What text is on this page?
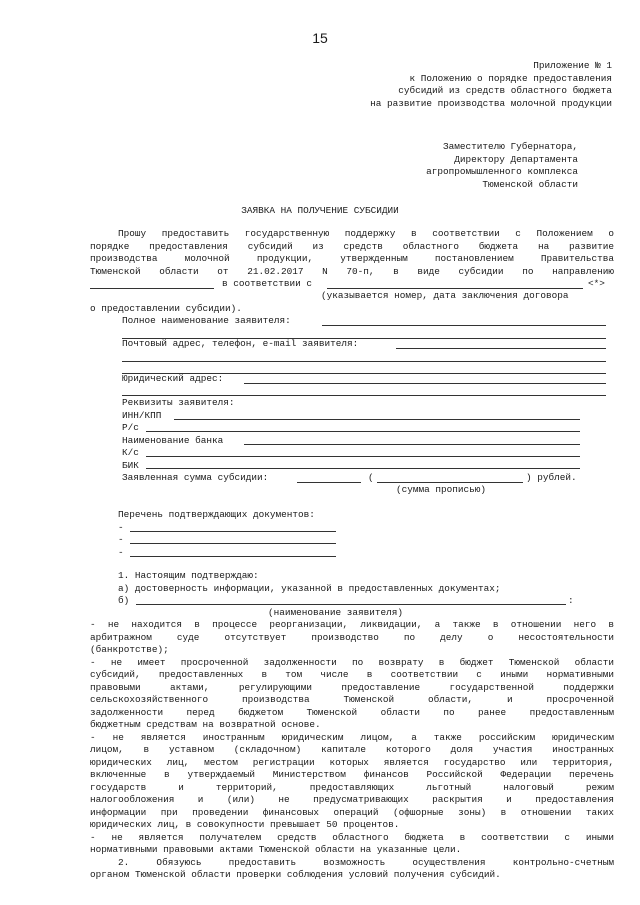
15
Приложение № 1
к Положению о порядке предоставления
субсидий из средств областного бюджета
на развитие производства молочной продукции
Заместителю Губернатора,
Директору Департамента
агропромышленного комплекса
Тюменской области
ЗАЯВКА НА ПОЛУЧЕНИЕ СУБСИДИИ
Прошу предоставить государственную поддержку в соответствии с Положением о
порядке предоставления субсидий из средств областного бюджета на развитие
производства молочной продукции, утвержденным постановлением Правительства
Тюменской области от 21.02.2017 N 70-п, в виде субсидии по направлению
в соответствии с	<*>
(указывается номер, дата заключения договора
о предоставлении субсидии).
Полное наименование заявителя:
Почтовый адрес, телефон, e-mail заявителя:
Юридический адрес:
Реквизиты заявителя:
ИНН/КПП
Р/с
Наименование банка
К/с
БИК
Заявленная сумма субсидии:	(	) рублей.
(сумма прописью)
Перечень подтверждающих документов:
-
-
-
1. Настоящим подтверждаю:
а) достоверность информации, указанной в предоставленных документах;
б)	:
(наименование заявителя)
- не находится в процессе реорганизации, ликвидации, а также в отношении него в
арбитражном суде отсутствует производство по делу о несостоятельности
(банкротстве);
- не имеет просроченной задолженности по возврату в бюджет Тюменской области
субсидий, предоставленных в том числе в соответствии с иными нормативными
правовыми актами, регулирующими предоставление государственной поддержки
сельскохозяйственного производства Тюменской области, и просроченной
задолженности перед бюджетом Тюменской области по ранее предоставленным
бюджетным средствам на возвратной основе.
- не является иностранным юридическим лицом, а также российским юридическим
лицом, в уставном (складочном) капитале которого доля участия иностранных
юридических лиц, местом регистрации которых является государство или территория,
включенные в утверждаемый Министерством финансов Российской Федерации перечень
государств и территорий, предоставляющих льготный налоговый режим
налогообложения и (или) не предусматривающих раскрытия и предоставления
информации при проведении финансовых операций (офшорные зоны) в отношении таких
юридических лиц, в совокупности превышает 50 процентов.
- не является получателем средств областного бюджета в соответствии с иными
нормативными правовыми актами Тюменской области на указанные цели.
2. Обязуюсь предоставить возможность осуществления контрольно-счетным
органом Тюменской области проверки соблюдения условий получения субсидий.
